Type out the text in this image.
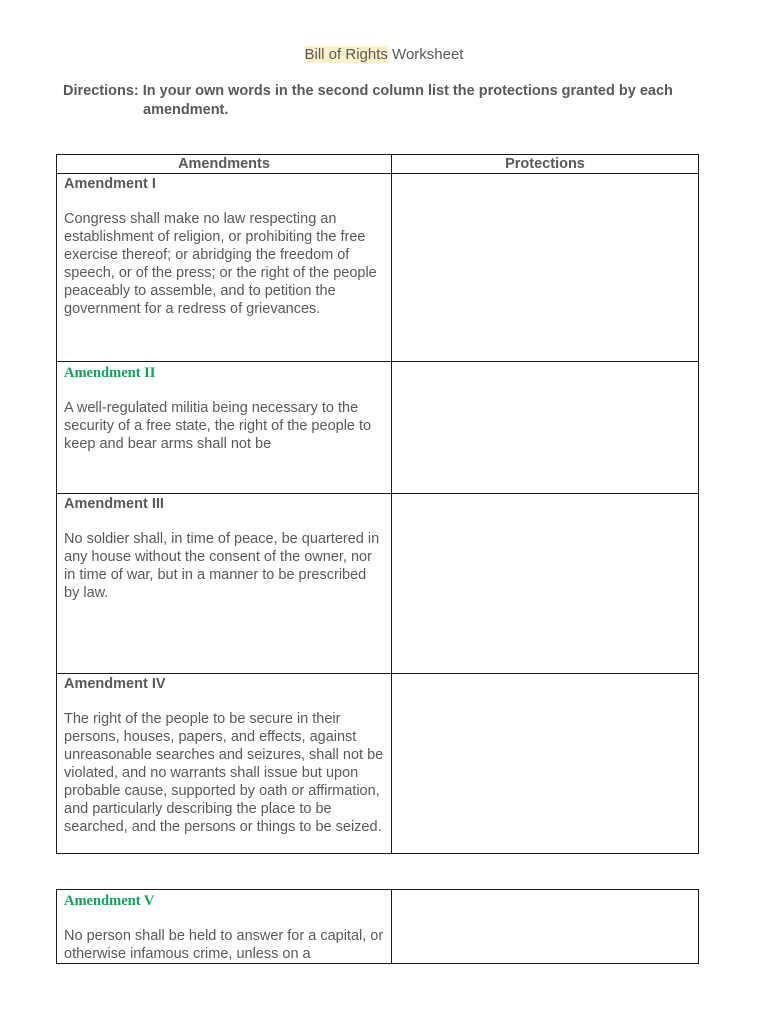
Bill of Rights Worksheet
Directions: In your own words in the second column list the protections granted by each
amendment.
Amendments	Protections

Amendment I

Congress shall make no law respecting an establishment of religion, or prohibiting the free exercise thereof; or abridging the freedom of speech, or of the press; or the right of the people peaceably to assemble, and to petition the government for a redress of grievances.	

Amendment II

A well-regulated militia being necessary to the security of a free state, the right of the people to keep and bear arms shall not be	

Amendment III

No soldier shall, in time of peace, be quartered in any house without the consent of the owner, nor in time of war, but in a manner to be prescribed by law.	

Amendment IV

The right of the people to be secure in their persons, houses, papers, and effects, against unreasonable searches and seizures, shall not be violated, and no warrants shall issue but upon probable cause, supported by oath or affirmation, and particularly describing the place to be searched, and the persons or things to be seized.	

Amendment V

No person shall be held to answer for a capital, or otherwise infamous crime, unless on a
